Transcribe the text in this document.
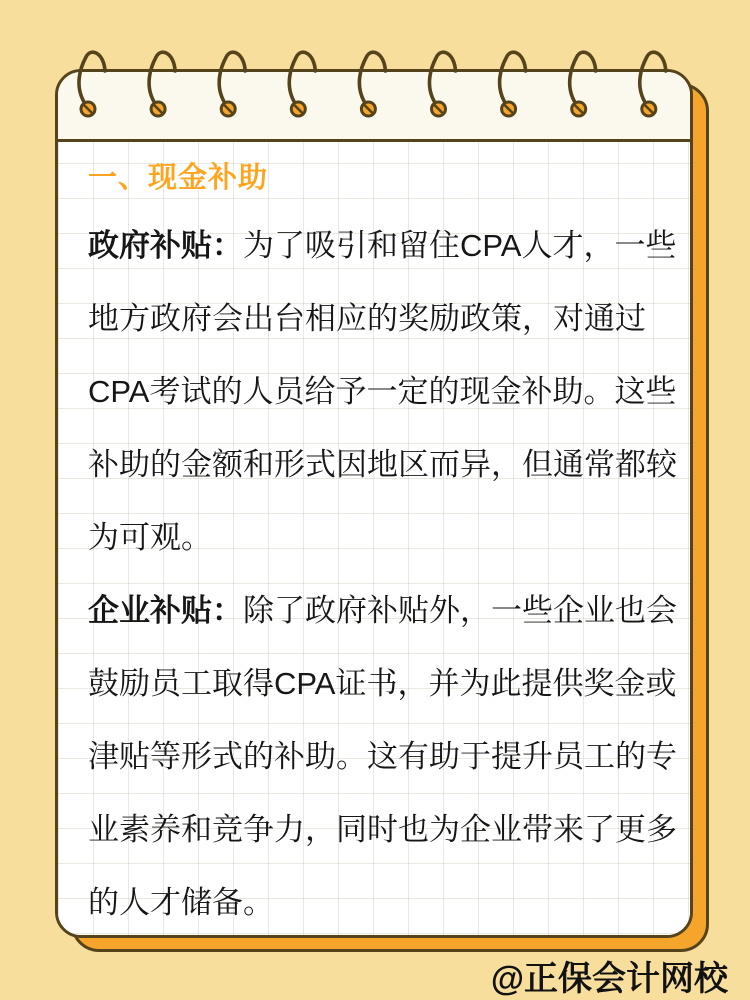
一、现金补助
政府补贴：为了吸引和留住CPA人才，一些
地方政府会出台相应的奖励政策，对通过
CPA考试的人员给予一定的现金补助。这些
补助的金额和形式因地区而异，但通常都较
为可观。
企业补贴：除了政府补贴外，一些企业也会
鼓励员工取得CPA证书，并为此提供奖金或
津贴等形式的补助。这有助于提升员工的专
业素养和竞争力，同时也为企业带来了更多
的人才储备。
@正保会计网校
